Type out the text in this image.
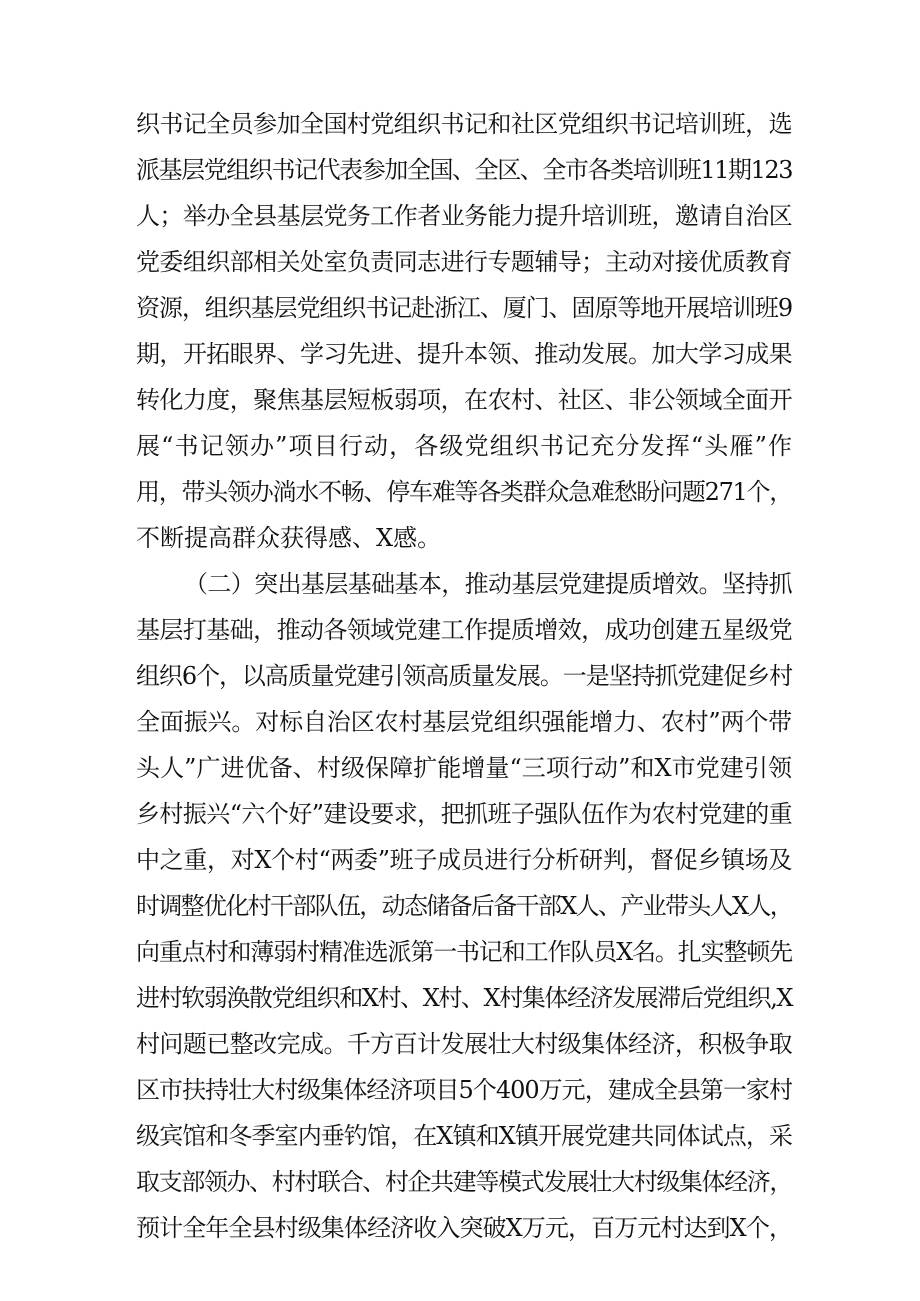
织书记全员参加全国村党组织书记和社区党组织书记培训班，选
派基层党组织书记代表参加全国、全区、全市各类培训班11期123
人；举办全县基层党务工作者业务能力提升培训班，邀请自治区
党委组织部相关处室负责同志进行专题辅导；主动对接优质教育
资源，组织基层党组织书记赴浙江、厦门、固原等地开展培训班9
期，开拓眼界、学习先进、提升本领、推动发展。加大学习成果
转化力度，聚焦基层短板弱项，在农村、社区、非公领域全面开
展“书记领办”项目行动，各级党组织书记充分发挥“头雁”作
用，带头领办淌水不畅、停车难等各类群众急难愁盼问题271个，
不断提高群众获得感、X感。
（二）突出基层基础基本，推动基层党建提质增效。坚持抓
基层打基础，推动各领域党建工作提质增效，成功创建五星级党
组织6个，以高质量党建引领高质量发展。一是坚持抓党建促乡村
全面振兴。对标自治区农村基层党组织强能增力、农村”两个带
头人”广进优备、村级保障扩能增量“三项行动”和X市党建引领
乡村振兴“六个好”建设要求，把抓班子强队伍作为农村党建的重
中之重，对X个村“两委”班子成员进行分析研判，督促乡镇场及
时调整优化村干部队伍，动态储备后备干部X人、产业带头人X人，
向重点村和薄弱村精准选派第一书记和工作队员X名。扎实整顿先
进村软弱涣散党组织和X村、X村、X村集体经济发展滞后党组织,X
村问题已整改完成。千方百计发展壮大村级集体经济，积极争取
区市扶持壮大村级集体经济项目5个400万元，建成全县第一家村
级宾馆和冬季室内垂钓馆，在X镇和X镇开展党建共同体试点，采
取支部领办、村村联合、村企共建等模式发展壮大村级集体经济，
预计全年全县村级集体经济收入突破X万元，百万元村达到X个，
